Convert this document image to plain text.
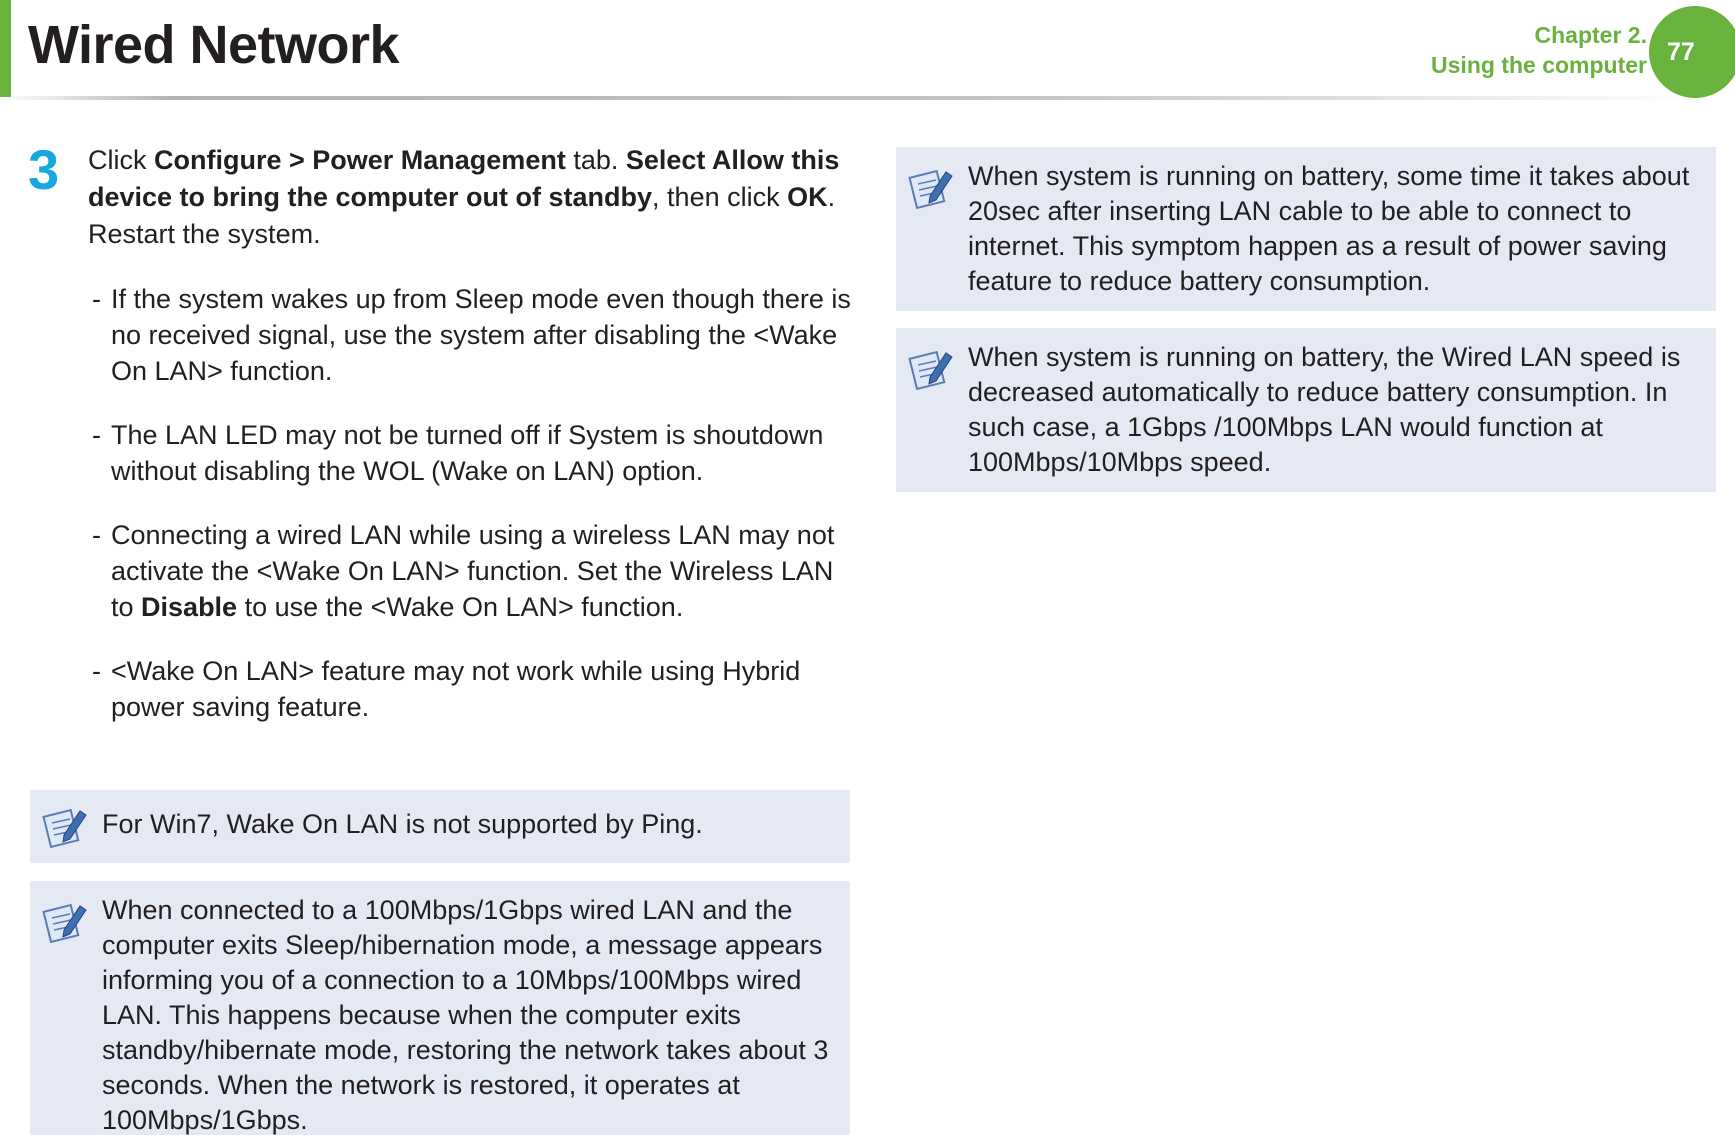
Wired Network	Chapter 2.
Using the computer 77
3 Click Configure > Power Management tab. Select Allow this device to bring the computer out of standby, then click OK. Restart the system.
- If the system wakes up from Sleep mode even though there is no received signal, use the system after disabling the <Wake On LAN> function.
- The LAN LED may not be turned off if System is shoutdown without disabling the WOL (Wake on LAN) option.
- Connecting a wired LAN while using a wireless LAN may not activate the <Wake On LAN> function. Set the Wireless LAN to Disable to use the <Wake On LAN> function.
- <Wake On LAN> feature may not work while using Hybrid power saving feature.
For Win7, Wake On LAN is not supported by Ping.
When connected to a 100Mbps/1Gbps wired LAN and the computer exits Sleep/hibernation mode, a message appears informing you of a connection to a 10Mbps/100Mbps wired LAN. This happens because when the computer exits standby/hibernate mode, restoring the network takes about 3 seconds. When the network is restored, it operates at 100Mbps/1Gbps.
When system is running on battery, some time it takes about 20sec after inserting LAN cable to be able to connect to internet. This symptom happen as a result of power saving feature to reduce battery consumption.
When system is running on battery, the Wired LAN speed is decreased automatically to reduce battery consumption. In such case, a 1Gbps /100Mbps LAN would function at 100Mbps/10Mbps speed.
